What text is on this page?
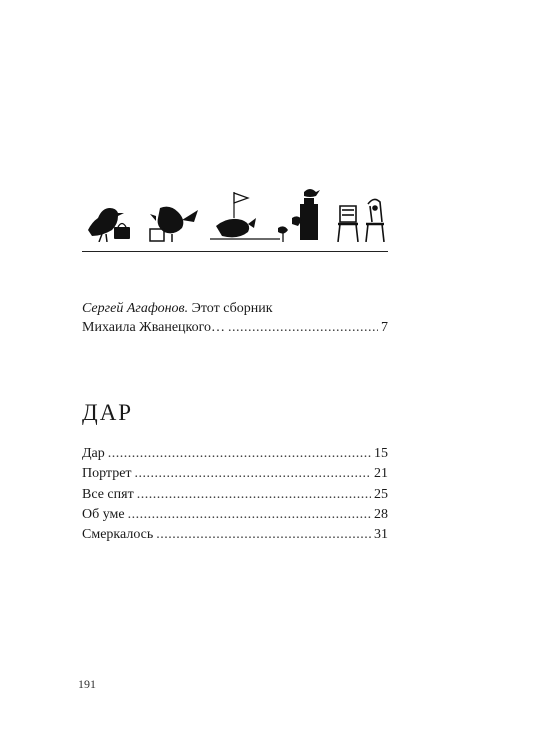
Сергей Агафонов.
Этот сборник
Михаила Жванецкого… .....	7
ДАР
Дар .....	15
Портрет .....	21
Все спят .....	25
Об уме .....	28
Смеркалось .....	31
191
